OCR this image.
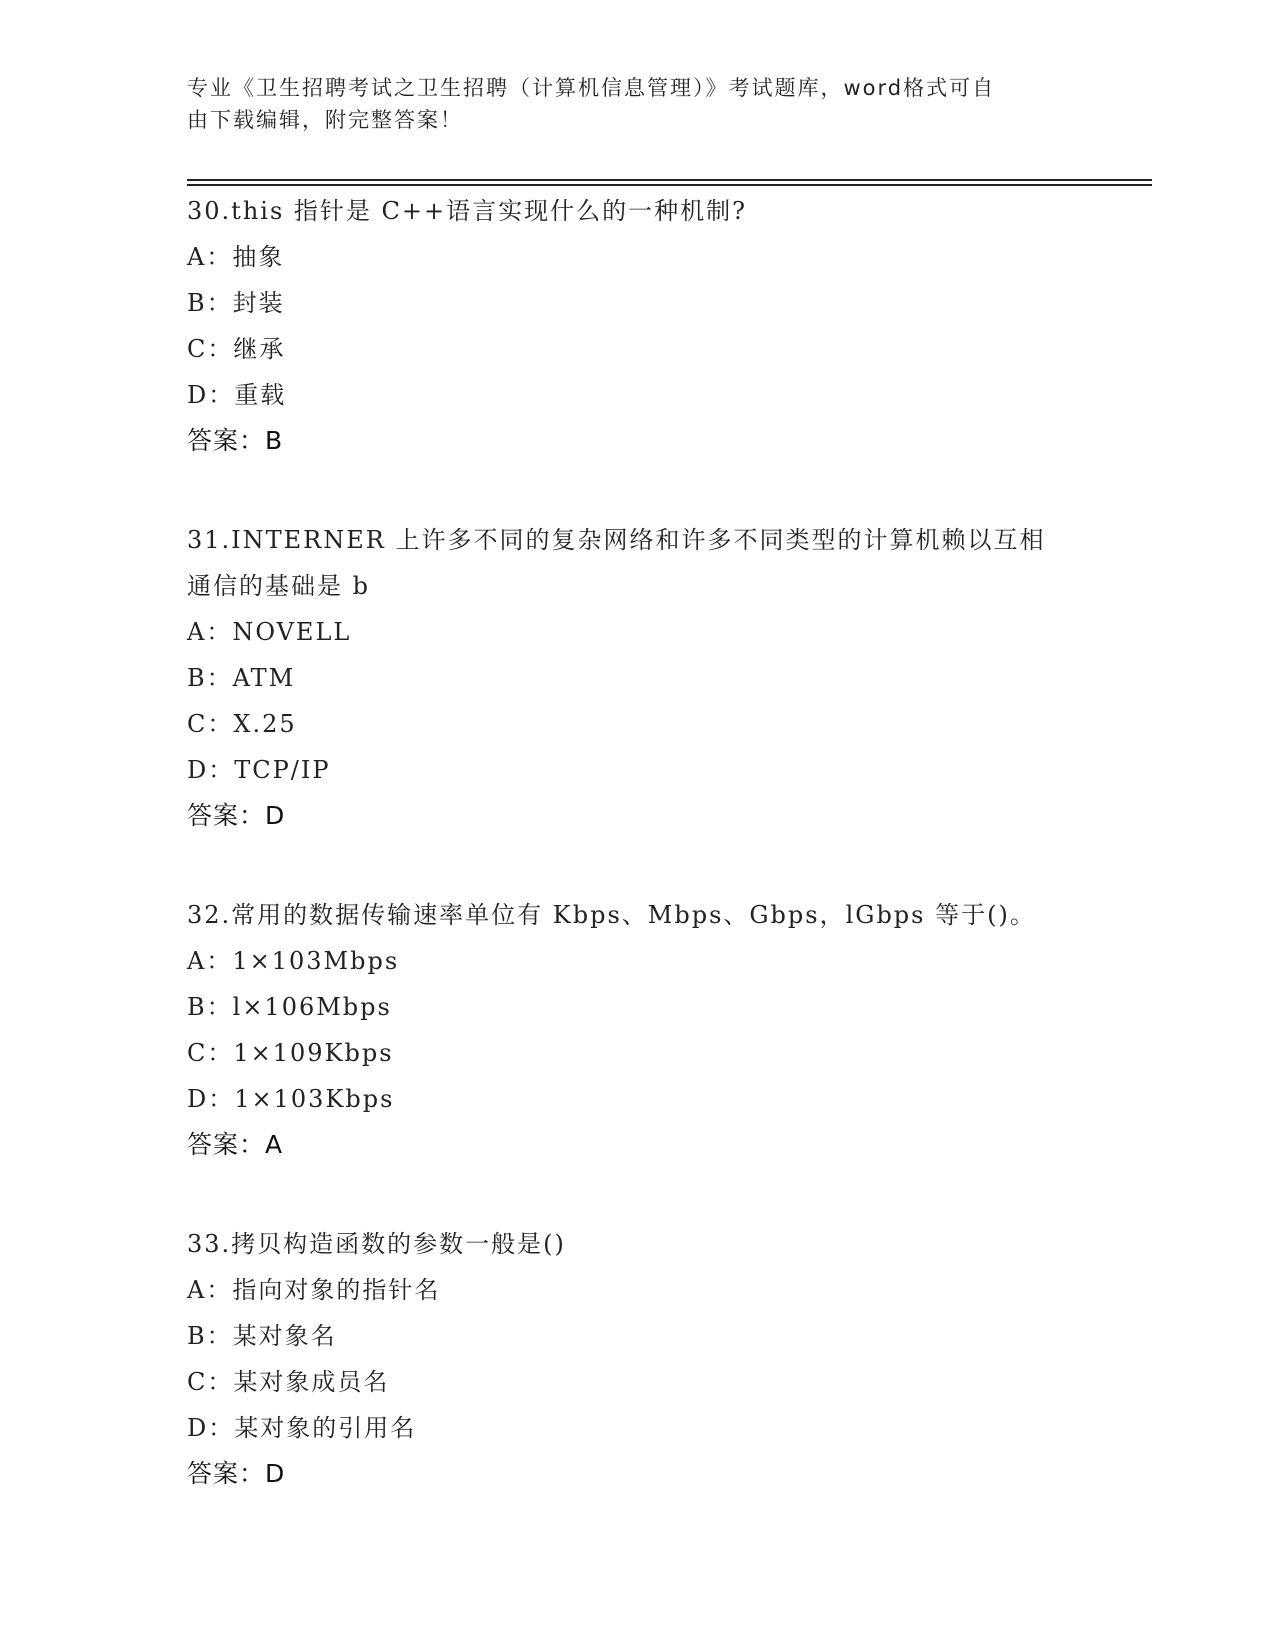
专业《卫生招聘考试之卫生招聘（计算机信息管理）》考试题库，word格式可自

由下载编辑，附完整答案！

30.this 指针是 C++语言实现什么的一种机制?

A：抽象

B：封装

C：继承

D：重载

答案：B

31.INTERNER 上许多不同的复杂网络和许多不同类型的计算机赖以互相

通信的基础是 b

A：NOVELL

B：ATM

C：X.25

D：TCP/IP

答案：D

32.常用的数据传输速率单位有 Kbps、Mbps、Gbps，lGbps 等于()。

A：1×103Mbps

B：l×106Mbps

C：1×109Kbps

D：1×103Kbps

答案：A

33.拷贝构造函数的参数一般是()

A：指向对象的指针名

B：某对象名

C：某对象成员名

D：某对象的引用名

答案：D
